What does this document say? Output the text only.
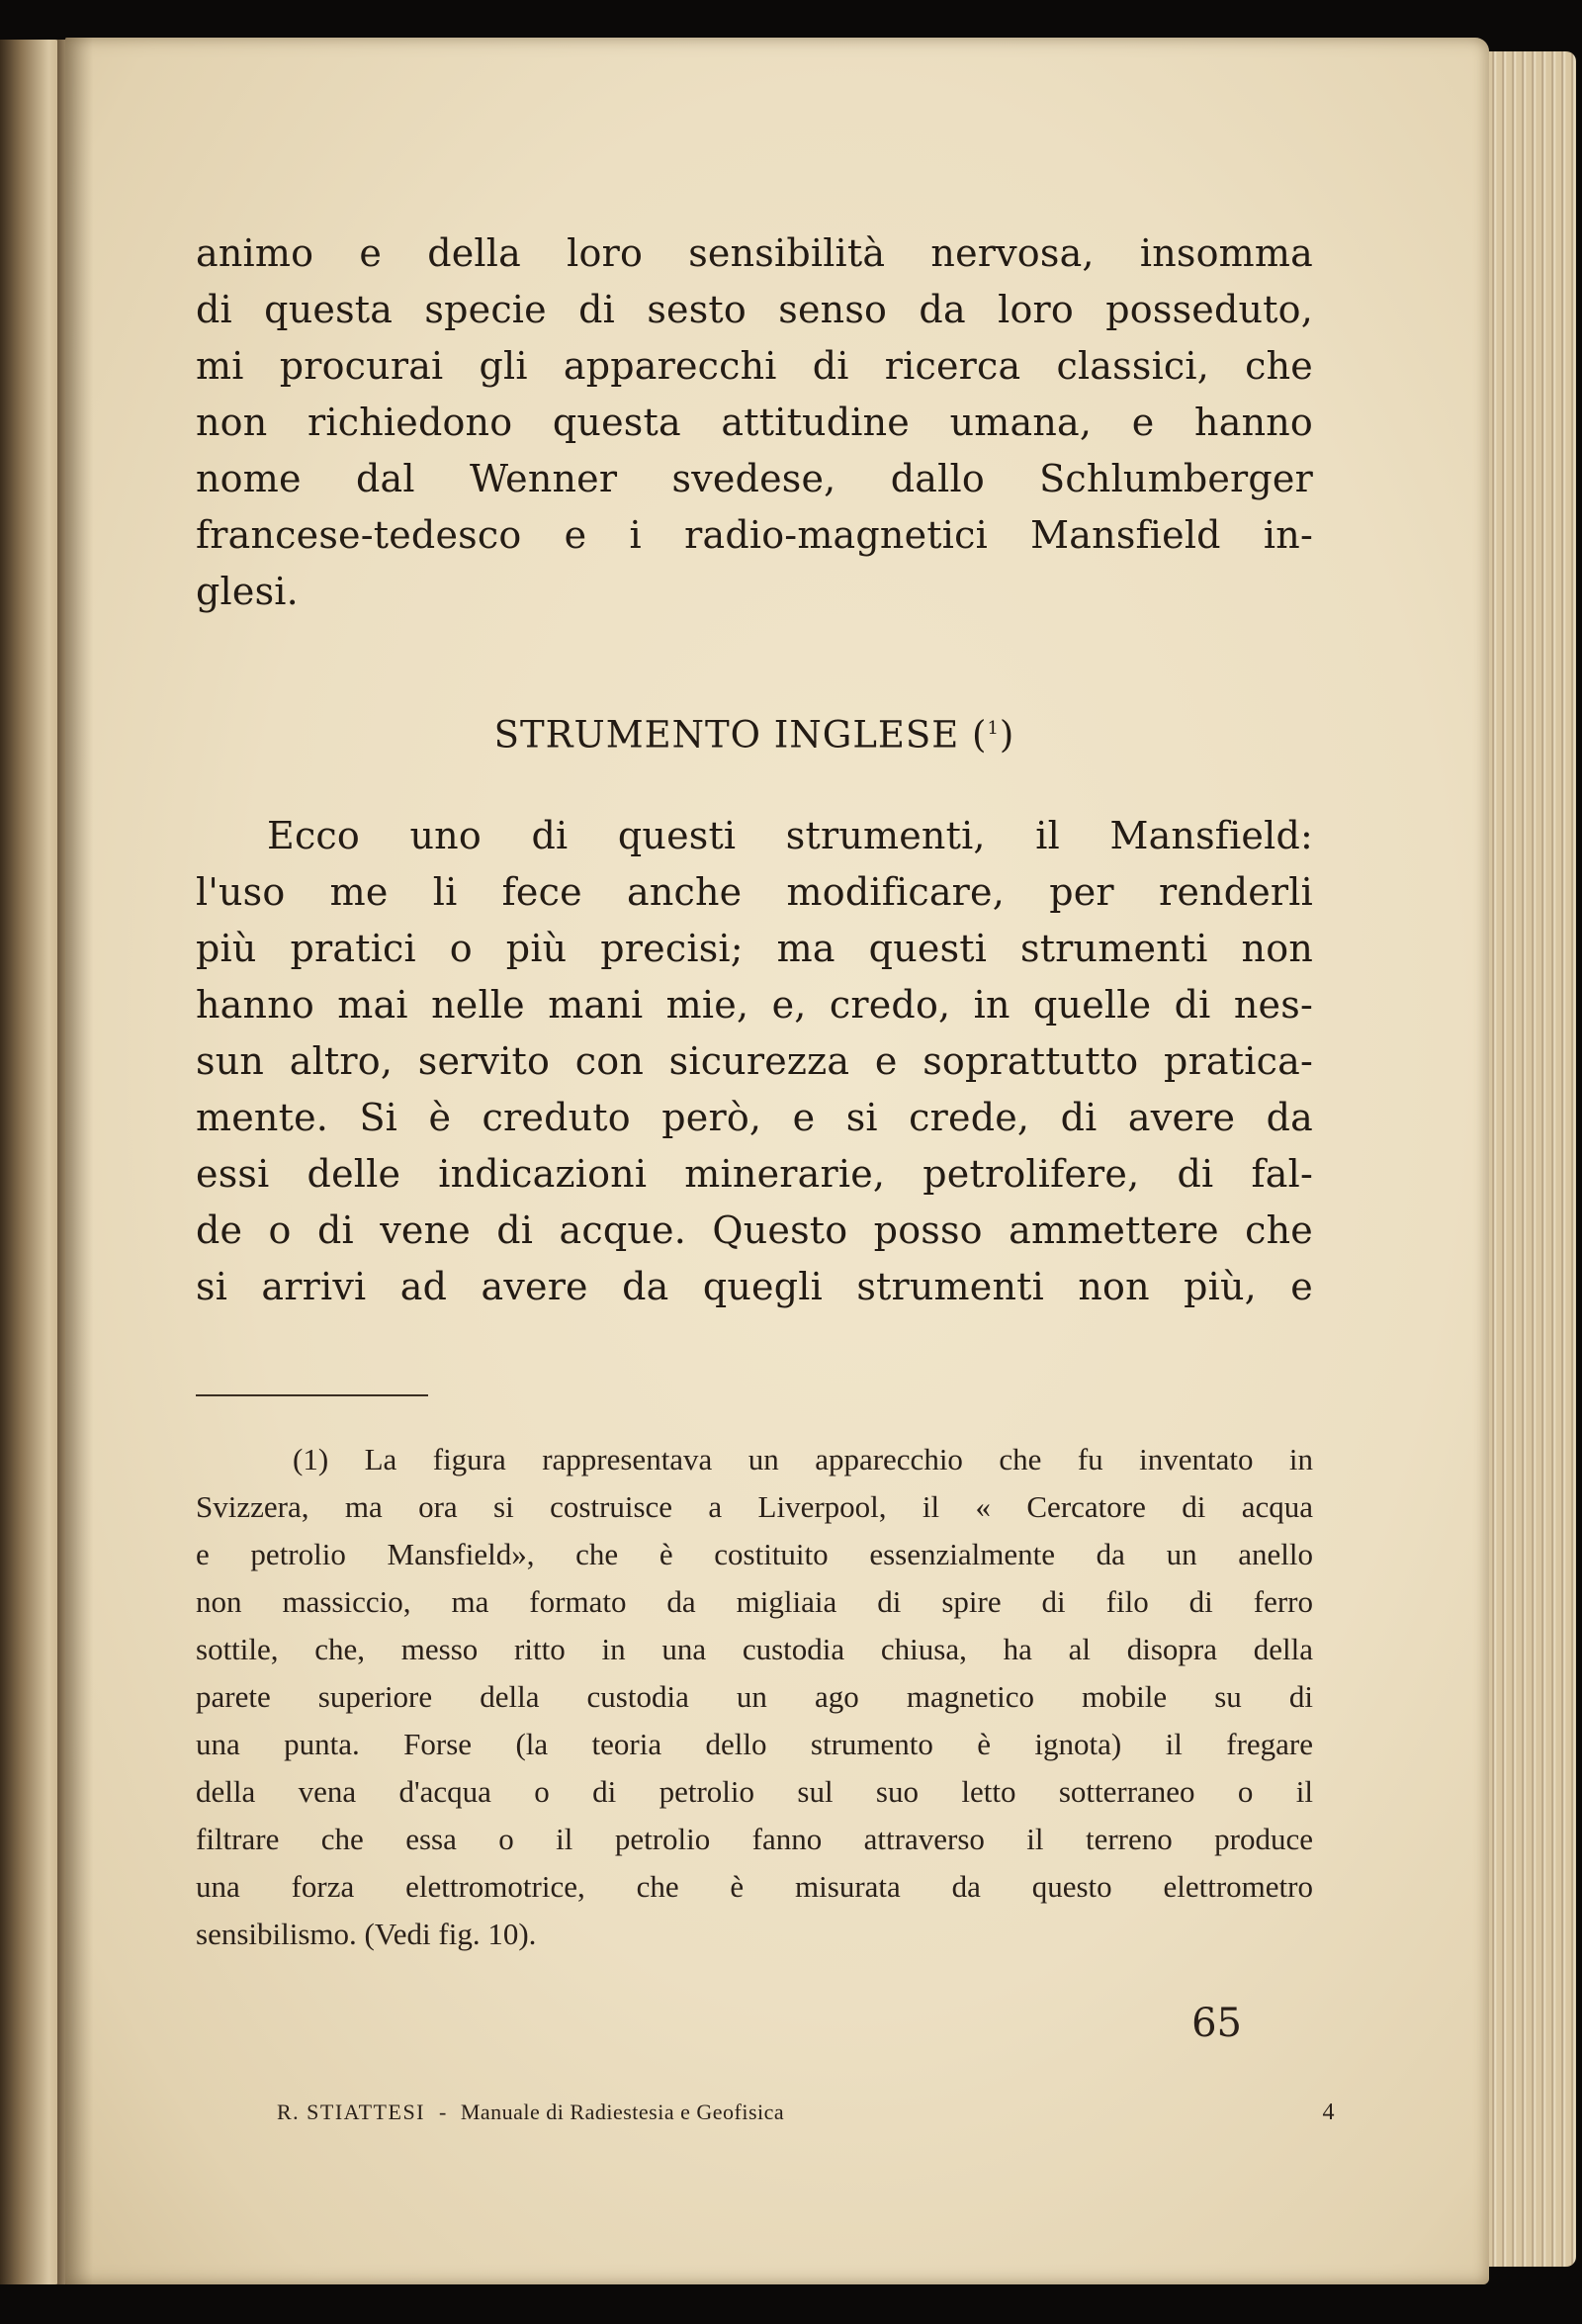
animo e della loro sensibilità nervosa, insomma
di questa specie di sesto senso da loro posseduto,
mi procurai gli apparecchi di ricerca classici, che
non richiedono questa attitudine umana, e hanno
nome dal Wenner svedese, dallo Schlumberger
francese-tedesco e i radio-magnetici Mansfield in-
glesi.
STRUMENTO INGLESE ($^1$)
Ecco uno di questi strumenti, il Mansfield:
l'uso me li fece anche modificare, per renderli
più pratici o più precisi; ma questi strumenti non
hanno mai nelle mani mie, e, credo, in quelle di nes-
sun altro, servito con sicurezza e soprattutto pratica-
mente. Si è creduto però, e si crede, di avere da
essi delle indicazioni minerarie, petrolifere, di fal-
de o di vene di acque. Questo posso ammettere che
si arrivi ad avere da quegli strumenti non più, e
(1) La figura rappresentava un apparecchio che fu inventato in
Svizzera, ma ora si costruisce a Liverpool, il « Cercatore di acqua
e petrolio Mansfield», che è costituito essenzialmente da un anello
non massiccio, ma formato da migliaia di spire di filo di ferro
sottile, che, messo ritto in una custodia chiusa, ha al disopra della
parete superiore della custodia un ago magnetico mobile su di
una punta. Forse (la teoria dello strumento è ignota) il fregare
della vena d'acqua o di petrolio sul suo letto sotterraneo o il
filtrare che essa o il petrolio fanno attraverso il terreno produce
una forza elettromotrice, che è misurata da questo elettrometro
sensibilismo. (Vedi fig. 10).
65
R. STIATTESI - Manuale di Radiestesia e Geofisica	4
